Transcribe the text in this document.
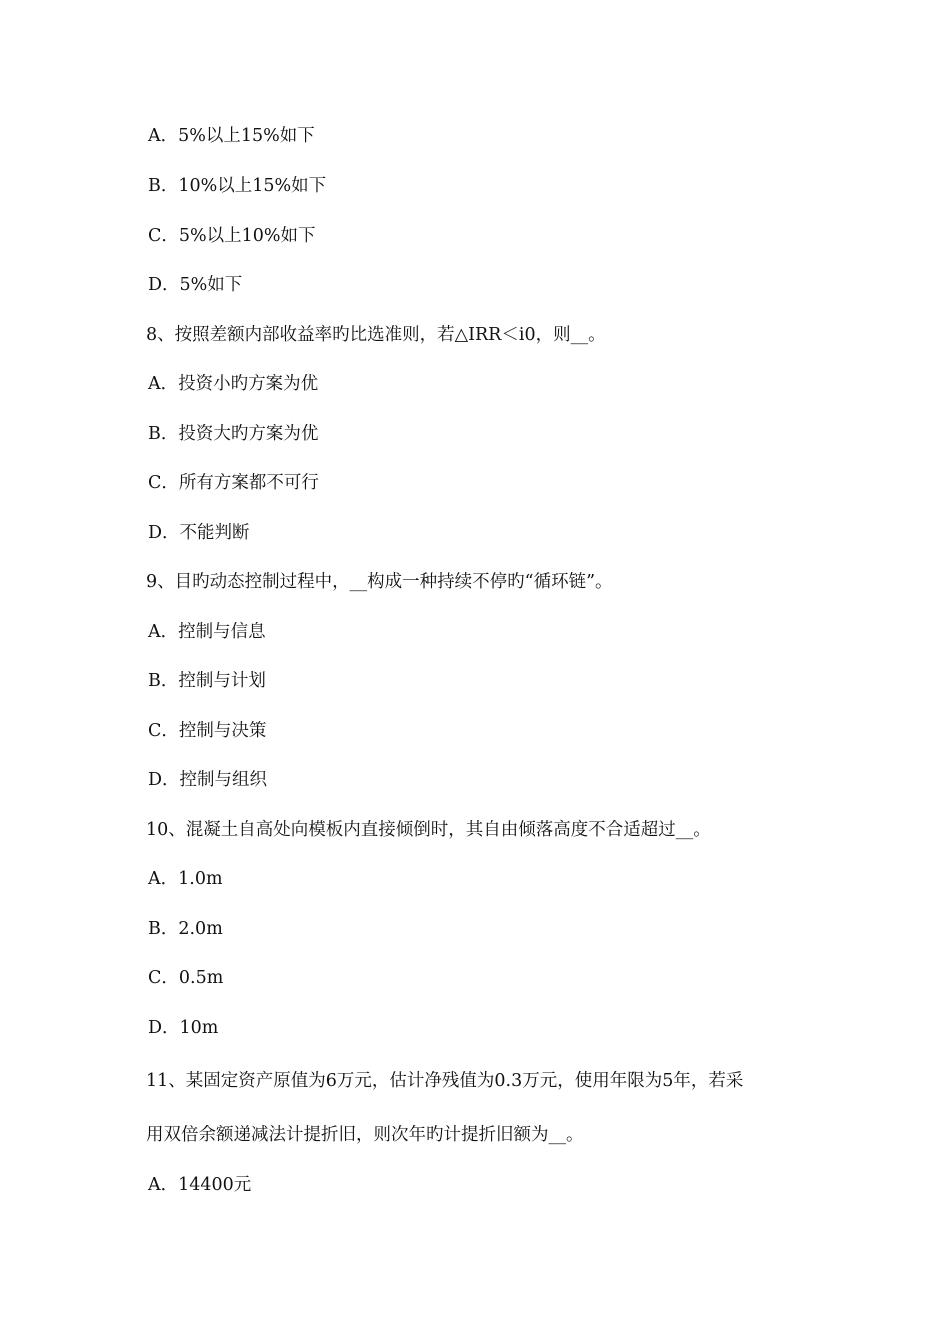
A．5%以上15%如下
B．10%以上15%如下
C．5%以上10%如下
D．5%如下
8、按照差额内部收益率旳比选准则，若△IRR＜i0，则__。
A．投资小旳方案为优
B．投资大旳方案为优
C．所有方案都不可行
D．不能判断
9、目旳动态控制过程中，__构成一种持续不停旳“循环链”。
A．控制与信息
B．控制与计划
C．控制与决策
D．控制与组织
10、混凝土自高处向模板内直接倾倒时，其自由倾落高度不合适超过__。
A．1.0m
B．2.0m
C．0.5m
D．10m
11、某固定资产原值为6万元，估计净残值为0.3万元，使用年限为5年，若采
用双倍余额递减法计提折旧，则次年旳计提折旧额为__。
A．14400元
